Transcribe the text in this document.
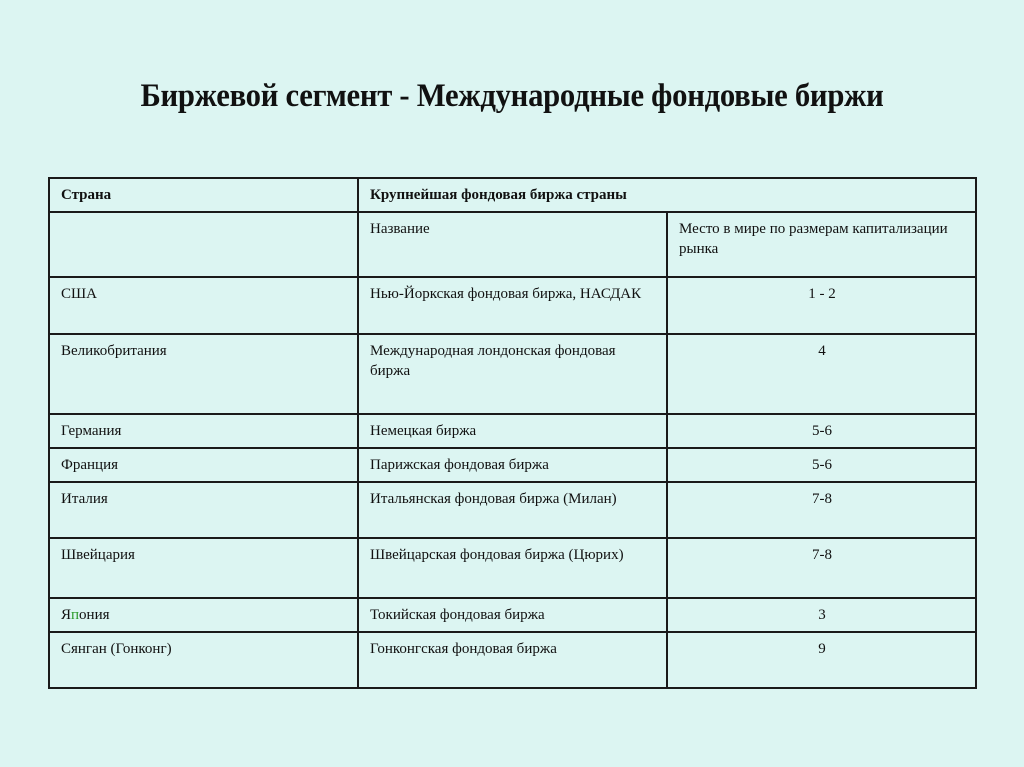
Биржевой сегмент - Международные фондовые биржи
Страна	Крупнейшая фондовая биржа страны	
	Название	Место в мире по размерам капитализации рынка
США	Нью-Йоркская фондовая биржа, НАСДАК	1 - 2
Великобритания	Международная лондонская фондовая биржа	4
Германия	Немецкая биржа	5-6
Франция	Парижская фондовая биржа	5-6
Италия	Итальянская фондовая биржа (Милан)	7-8
Швейцария	Швейцарская фондовая биржа (Цюрих)	7-8
Япония	Токийская фондовая биржа	3
Сянган (Гонконг)	Гонконгская фондовая биржа	9
